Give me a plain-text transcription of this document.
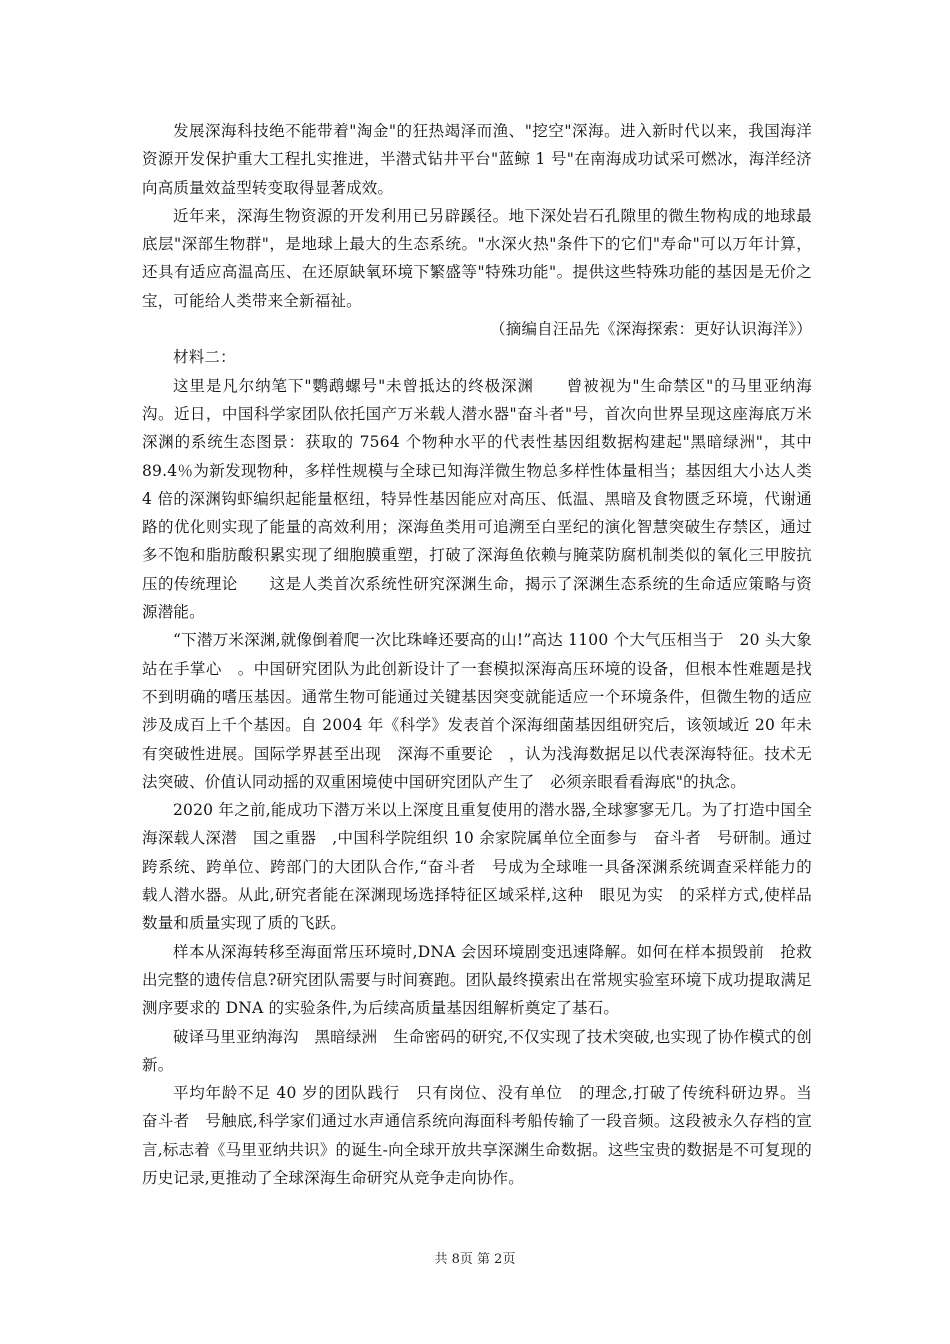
发展深海科技绝不能带着"淘金"的狂热竭泽而渔、"挖空"深海。进入新时代以来，我国海洋资源开发保护重大工程扎实推进，半潜式钻井平台"蓝鲸 1 号"在南海成功试采可燃冰，海洋经济向高质量效益型转变取得显著成效。

近年来，深海生物资源的开发利用已另辟蹊径。地下深处岩石孔隙里的微生物构成的地球最底层"深部生物群"，是地球上最大的生态系统。"水深火热"条件下的它们"寿命"可以万年计算，还具有适应高温高压、在还原缺氧环境下繁盛等"特殊功能"。提供这些特殊功能的基因是无价之宝，可能给人类带来全新福祉。

（摘编自汪品先《深海探索：更好认识海洋》）

材料二：

这里是凡尔纳笔下"鹦鹉螺号"未曾抵达的终极深渊　　曾被视为"生命禁区"的马里亚纳海沟。近日，中国科学家团队依托国产万米载人潜水器"奋斗者"号，首次向世界呈现这座海底万米深渊的系统生态图景：获取的 7564 个物种水平的代表性基因组数据构建起"黑暗绿洲"，其中 89.4％为新发现物种，多样性规模与全球已知海洋微生物总多样性体量相当；基因组大小达人类 4 倍的深渊钩虾编织起能量枢纽，特异性基因能应对高压、低温、黑暗及食物匮乏环境，代谢通路的优化则实现了能量的高效利用；深海鱼类用可追溯至白垩纪的演化智慧突破生存禁区，通过多不饱和脂肪酸积累实现了细胞膜重塑，打破了深海鱼依赖与腌菜防腐机制类似的氧化三甲胺抗压的传统理论　　这是人类首次系统性研究深渊生命，揭示了深渊生态系统的生命适应策略与资源潜能。

“下潜万米深渊,就像倒着爬一次比珠峰还要高的山!”高达 1100 个大气压相当于　20 头大象站在手掌心　。中国研究团队为此创新设计了一套模拟深海高压环境的设备，但根本性难题是找不到明确的嗜压基因。通常生物可能通过关键基因突变就能适应一个环境条件，但微生物的适应涉及成百上千个基因。自 2004 年《科学》发表首个深海细菌基因组研究后，该领域近 20 年未有突破性进展。国际学界甚至出现　深海不重要论　，认为浅海数据足以代表深海特征。技术无法突破、价值认同动摇的双重困境使中国研究团队产生了　必须亲眼看看海底"的执念。

2020 年之前,能成功下潜万米以上深度且重复使用的潜水器,全球寥寥无几。为了打造中国全海深载人深潜　国之重器　,中国科学院组织 10 余家院属单位全面参与　奋斗者　号研制。通过跨系统、跨单位、跨部门的大团队合作,“奋斗者　号成为全球唯一具备深渊系统调查采样能力的载人潜水器。从此,研究者能在深渊现场选择特征区域采样,这种　眼见为实　的采样方式,使样品数量和质量实现了质的飞跃。

样本从深海转移至海面常压环境时,DNA 会因环境剧变迅速降解。如何在样本损毁前　抢救　出完整的遗传信息?研究团队需要与时间赛跑。团队最终摸索出在常规实验室环境下成功提取满足测序要求的 DNA 的实验条件,为后续高质量基因组解析奠定了基石。

破译马里亚纳海沟　黑暗绿洲　生命密码的研究,不仅实现了技术突破,也实现了协作模式的创新。

平均年龄不足 40 岁的团队践行　只有岗位、没有单位　的理念,打破了传统科研边界。当　奋斗者　号触底,科学家们通过水声通信系统向海面科考船传输了一段音频。这段被永久存档的宣言,标志着《马里亚纳共识》的诞生-向全球开放共享深渊生命数据。这些宝贵的数据是不可复现的历史记录,更推动了全球深海生命研究从竞争走向协作。

共 8页 第 2页
